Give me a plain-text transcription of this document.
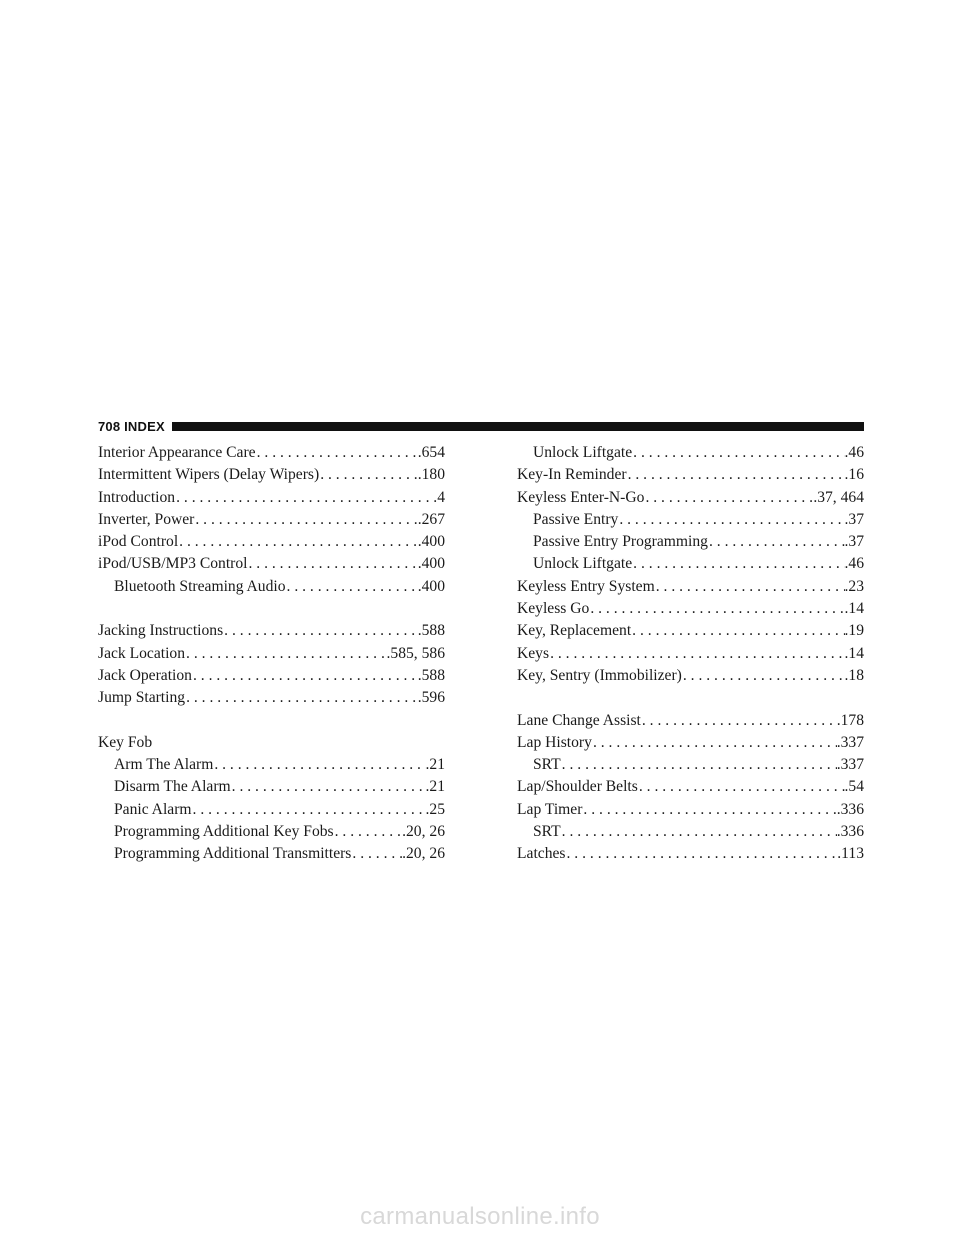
708 INDEX
Interior Appearance Care . . .	.654
Intermittent Wipers (Delay Wipers) . . .	.180
Introduction . . .	.4
Inverter, Power . . .	.267
iPod Control . . .	.400
iPod/USB/MP3 Control . . .	.400
Bluetooth Streaming Audio . . .	.400
Jacking Instructions . . .	.588
Jack Location . . .	.585, 586
Jack Operation . . .	.588
Jump Starting . . .	.596
Key Fob
Arm The Alarm . . .	.21
Disarm The Alarm . . .	.21
Panic Alarm . . .	.25
Programming Additional Key Fobs . . .	.20, 26
Programming Additional Transmitters . . .	.20, 26
Unlock Liftgate . . .	.46
Key-In Reminder . . .	.16
Keyless Enter-N-Go . . .	.37, 464
Passive Entry . . .	.37
Passive Entry Programming . . .	.37
Unlock Liftgate . . .	.46
Keyless Entry System . . .	.23
Keyless Go . . .	.14
Key, Replacement . . .	.19
Keys . . .	.14
Key, Sentry (Immobilizer) . . .	.18
Lane Change Assist . . .	.178
Lap History . . .	.337
SRT . . .	.337
Lap/Shoulder Belts . . .	.54
Lap Timer . . .	.336
SRT . . .	.336
Latches . . .	.113
carmanualsonline.info
